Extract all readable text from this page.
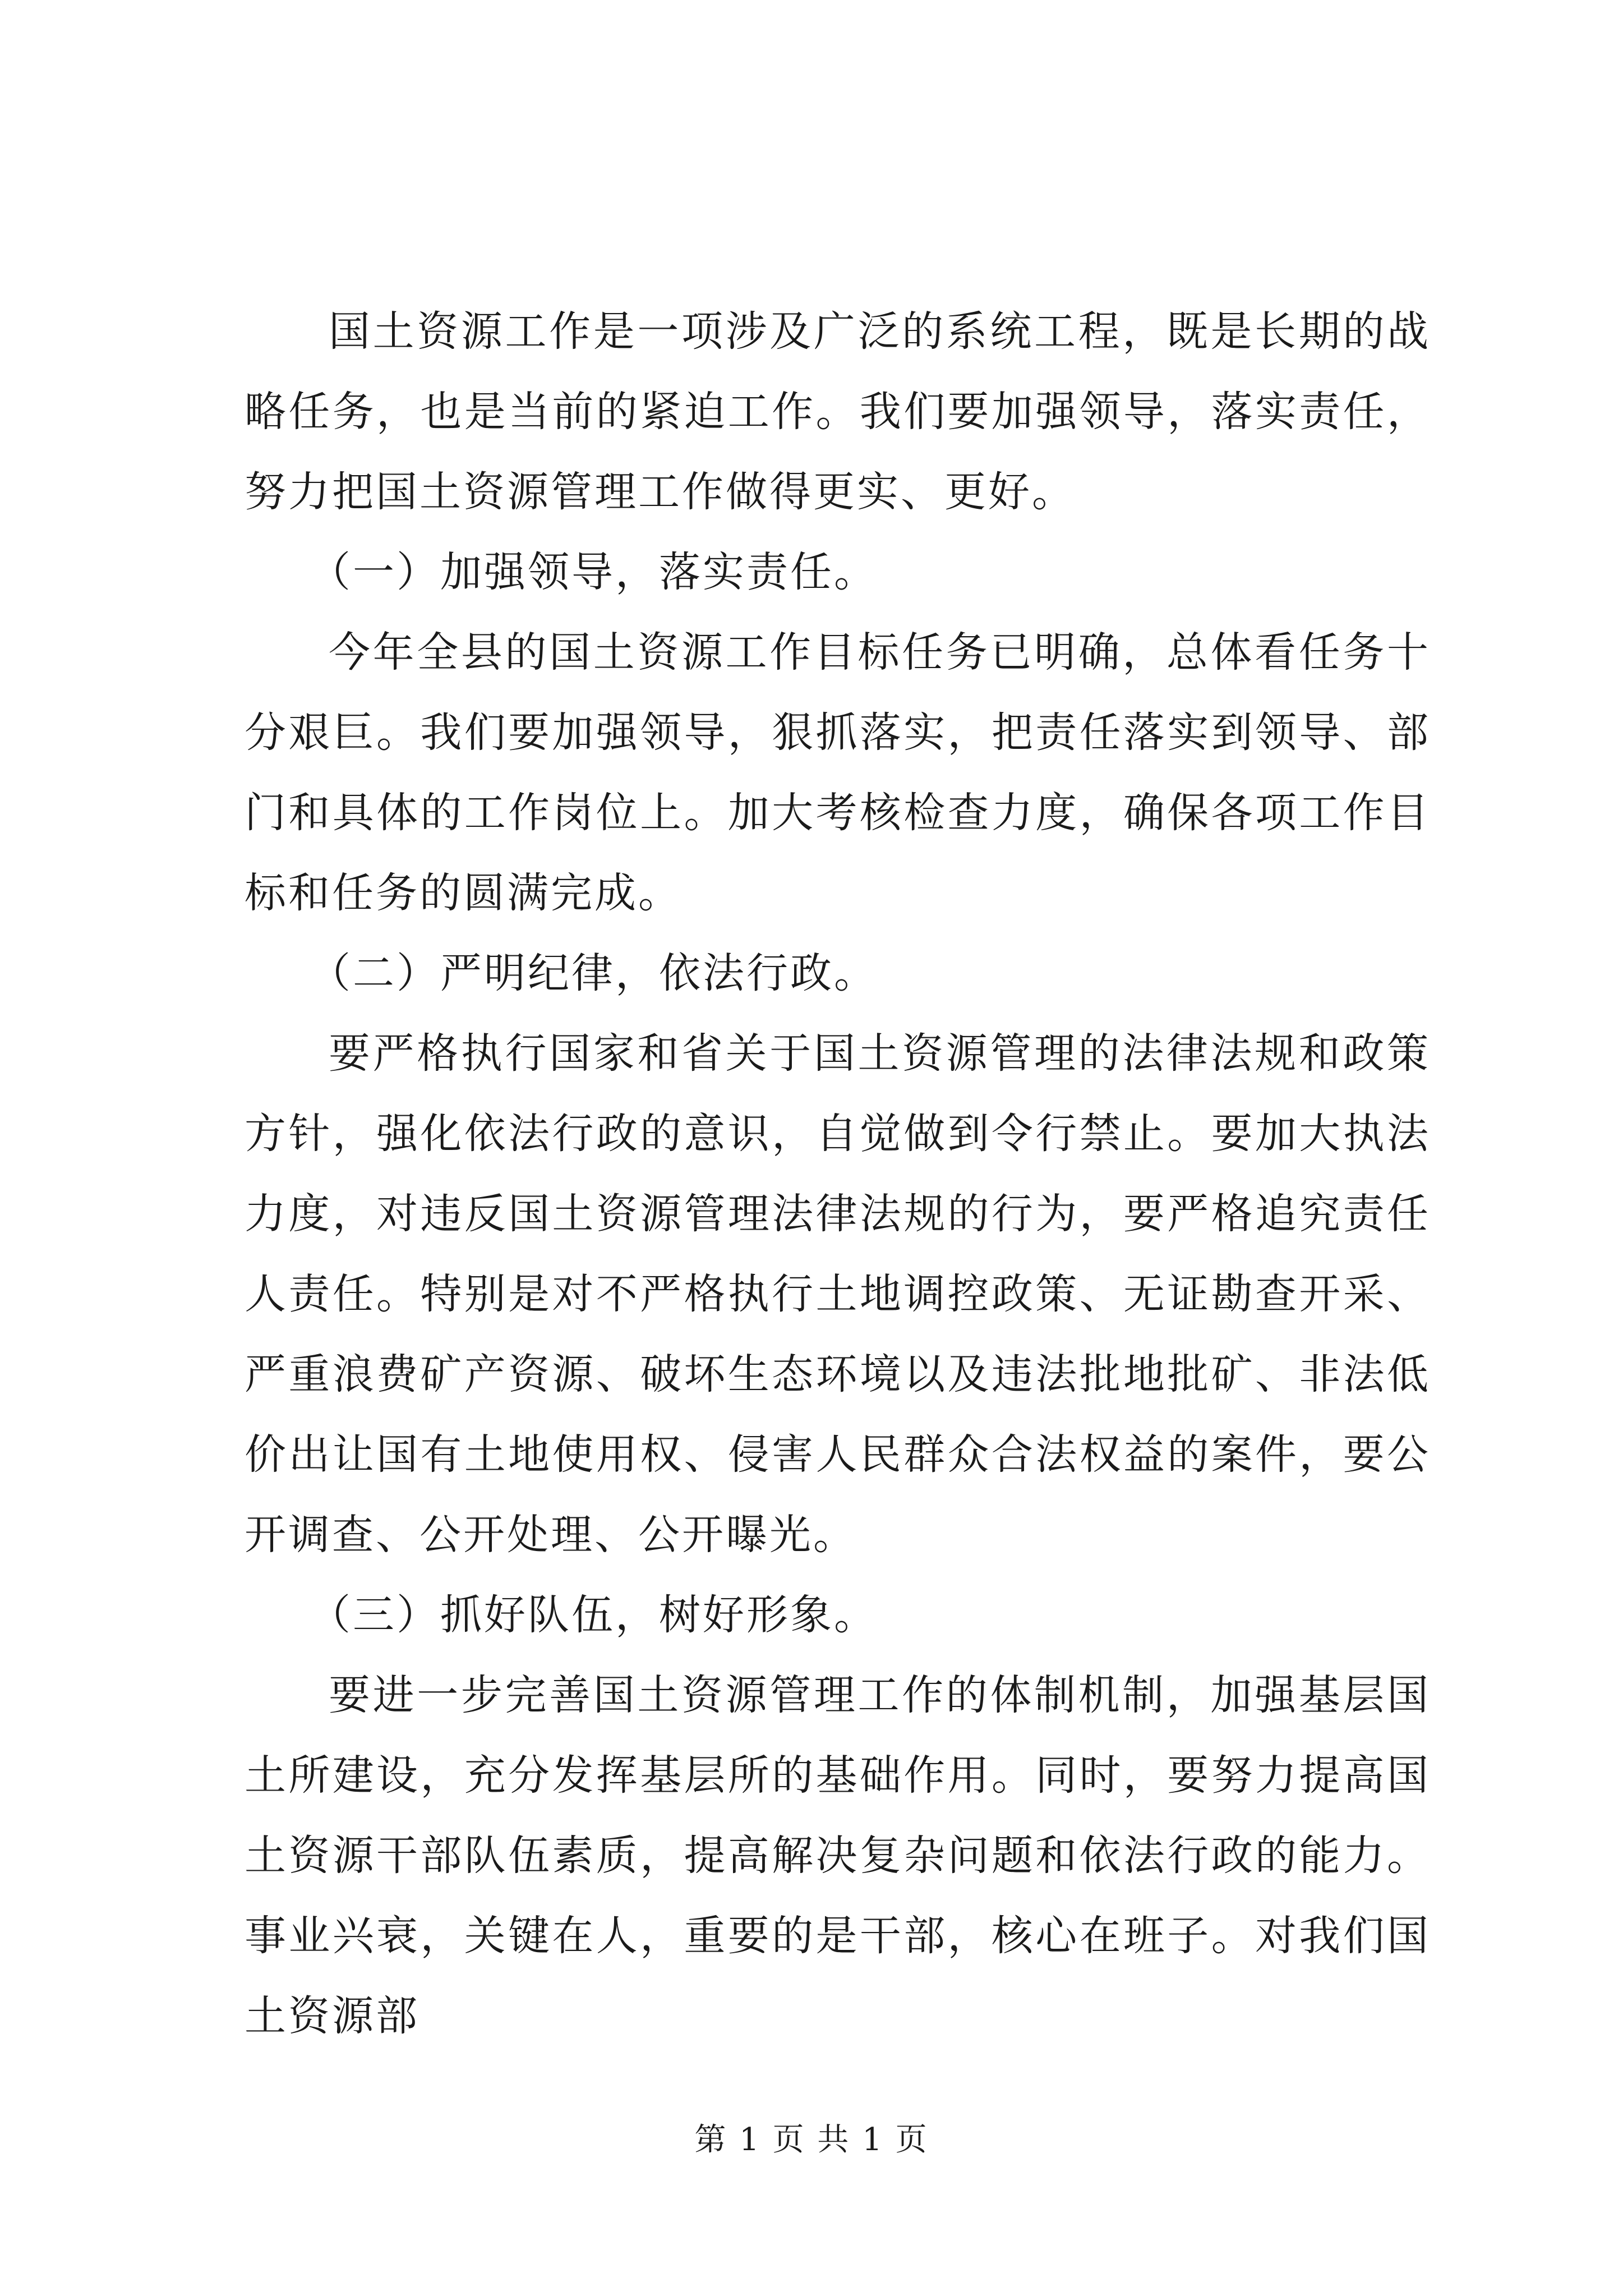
国土资源工作是一项涉及广泛的系统工程，既是长期的战略任务，也是当前的紧迫工作。我们要加强领导，落实责任，努力把国土资源管理工作做得更实、更好。

（一）加强领导，落实责任。

今年全县的国土资源工作目标任务已明确，总体看任务十分艰巨。我们要加强领导，狠抓落实，把责任落实到领导、部门和具体的工作岗位上。加大考核检查力度，确保各项工作目标和任务的圆满完成。

（二）严明纪律，依法行政。

要严格执行国家和省关于国土资源管理的法律法规和政策方针，强化依法行政的意识，自觉做到令行禁止。要加大执法力度，对违反国土资源管理法律法规的行为，要严格追究责任人责任。特别是对不严格执行土地调控政策、无证勘查开采、严重浪费矿产资源、破坏生态环境以及违法批地批矿、非法低价出让国有土地使用权、侵害人民群众合法权益的案件，要公开调查、公开处理、公开曝光。

（三）抓好队伍，树好形象。

要进一步完善国土资源管理工作的体制机制，加强基层国土所建设，充分发挥基层所的基础作用。同时，要努力提高国土资源干部队伍素质，提高解决复杂问题和依法行政的能力。事业兴衰，关键在人，重要的是干部，核心在班子。对我们国土资源部

第 1 页 共 1 页
